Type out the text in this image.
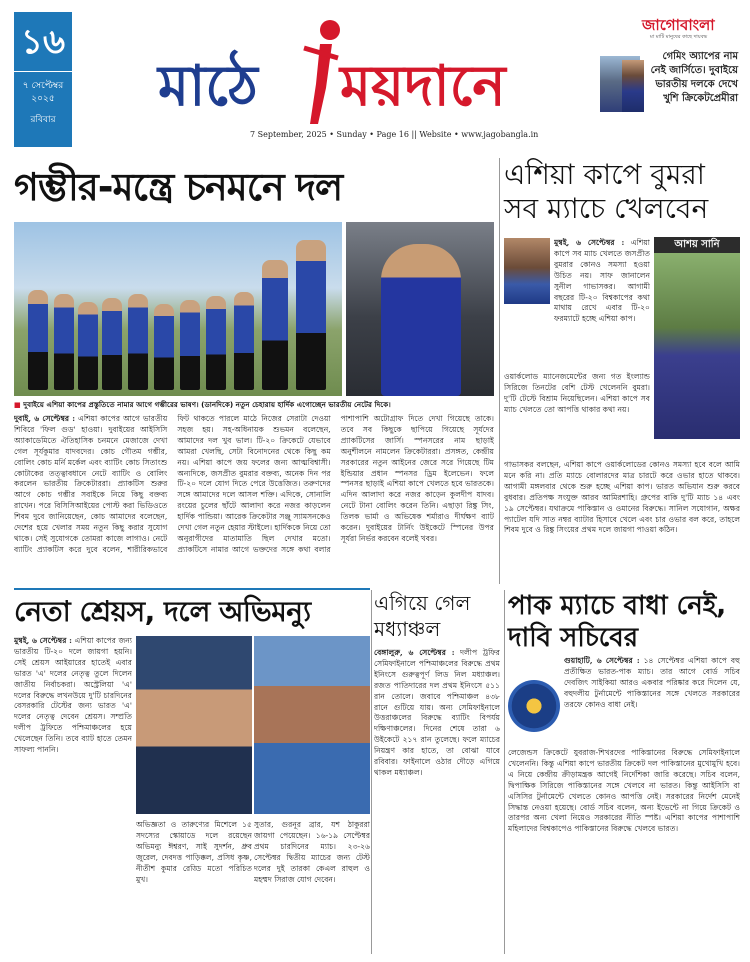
১৬
৭ সেপ্টেম্বর ২০২৫
রবিবার
মাঠে ময়দানে
7 September, 2025 • Sunday • Page 16 || Website • www.jagobangla.in
জাগোবাংলা
মা মাটি মানুষের কাছে দায়বদ্ধ
গেমিং অ্যাপের নাম নেই জার্সিতে। দুবাইয়ে ভারতীয় দলকে দেখে খুশি ক্রিকেটপ্রেমীরা
গম্ভীর-মন্ত্রে চনমনে দল
■ দুবাইয়ে এশিয়া কাপের প্রস্তুতিতে নামার আগে গম্ভীরের ভাষণ। (ডানদিকে) নতুন চেহারায় হার্দিক এগোচ্ছেন ভারতীয় নেটের দিকে।
দুবাই, ৬ সেপ্টেম্বর : এশিয়া কাপের আগে ভারতীয় শিবিরে 'ফিল গুড' হাওয়া। দুবাইয়ের আইসিসি অ্যাকাডেমিতে ঐতিহাসিক চনমনে মেজাজে দেখা গেল সূর্যকুমার যাদবদের। কোচ গৌতম গম্ভীর, বোলিং কোচ মর্নি মর্কেল এবং ব্যাটিং কোচ সিতাংশু কোটাকের তত্ত্বাবধানে নেটে ব্যাটিং ও বোলিং করলেন ভারতীয় ক্রিকেটাররা। প্র্যাকটিস শুরুর আগে কোচ গম্ভীর সবাইকে নিয়ে কিছু বক্তব্য রাখেন। পরে বিসিসিআইয়ের পোস্ট করা ভিডিওতে শিবম দুবে জানিয়েছেন, কোচ আমাদের বলেছেন, দেশের হয়ে খেলার সময় নতুন কিছু করার সুযোগ থাকে। সেই সুযোগকে তোমরা কাজে লাগাও। নেটে ব্যাটিং প্র্যাকটিস করে দুবে বলেন, শারীরিকভাবে ফিট থাকতে পারলে মাঠে নিজের সেরাটা দেওয়া সহজ হয়। সহ-অধিনায়ক শুভমন বলেছেন, আমাদের দল খুব ভাল। টি-২০ ক্রিকেটে যেভাবে আমরা খেলছি, সেটা বিনোদনের থেকে কিছু কম নয়। এশিয়া কাপে জয় ফলের জন্য আত্মবিশ্বাসী। অন্যদিকে, জসপ্রীত বুমরার বক্তব্য, অনেক দিন পর টি-২০ দলে যোগ দিতে পেরে উত্তেজিত। তরুণদের সঙ্গে আমাদের দলে আসল শক্তি। এদিকে, সোনালি রংয়ের চুলের ছাঁটে আলাদা করে নজর কাড়লেন হার্দিক পান্ডিয়া। আরেক ক্রিকেটার সঞ্জু স্যামসনকেও দেখা গেল নতুন হেয়ার স্টাইলে। হার্দিককে নিয়ে তো অনুরাগীদের মাতামাতি ছিল দেখার মতো। প্র্যাকটিসে নামার আগে ভক্তদের সঙ্গে কথা বলার পাশাপাশি অটোগ্রাফ দিতে দেখা গিয়েছে তাকে। তবে সব কিছুকে ছাপিয়ে গিয়েছে সূর্যদের প্র্যাকটিসের জার্সি। স্পনসরের নাম ছাড়াই অনুশীলনে নামলেন ক্রিকেটাররা। প্রসঙ্গত, কেন্দ্রীয় সরকারের নতুন আইনের জেরে সরে গিয়েছে টিম ইন্ডিয়ার প্রধান স্পনসর ড্রিম ইলেভেন। ফলে স্পনসর ছাড়াই এশিয়া কাপে খেলতে হবে ভারতকে। এদিন আলাদা করে নজর কাড়েন কুলদীপ যাদব। নেটে টানা বোলিং করেন তিনি। এছাড়া রিঙ্কু সিং, তিলক ভার্মা ও অভিষেক শর্মারাও দীর্ঘক্ষণ ব্যাট করেন। দুবাইয়ের টার্নিং উইকেটে স্পিনের উপর সূর্যরা নির্ভর করবেন বলেই খবর।
এশিয়া কাপে বুমরা সব ম্যাচে খেলবেন
আশয় সানি
মুম্বই, ৬ সেপ্টেম্বর : এশিয়া কাপে সব ম্যাচ খেলতে জসপ্রীত বুমরার কোনও সমস্যা হওয়া উচিত নয়। সাফ জানালেন সুনীল গাভাসকর। আগামী বছরের টি-২০ বিশ্বকাপের কথা মাথায় রেখে এবার টি-২০ ফরম্যাটে হচ্ছে এশিয়া কাপ।
ওয়ার্কলোড ম্যানেজমেন্টের জন্য গত ইংল্যান্ড সিরিজে তিনটের বেশি টেস্ট খেলেননি বুমরা। দু'টি টেস্টে বিশ্রাম নিয়েছিলেন। এশিয়া কাপে সব ম্যাচ খেলতে তো আপত্তি থাকার কথা নয়।
গাভাসকর বলছেন, এশিয়া কাপে ওয়ার্কলোডের কোনও সমস্যা হবে বলে আমি মনে করি না। প্রতি ম্যাচে বোলারদের মাত্র চারটে করে ওভার হাতে থাকবে। আগামী মঙ্গলবার থেকে শুরু হচ্ছে এশিয়া কাপ। ভারত অভিযান শুরু করবে বুধবার। প্রতিপক্ষ সংযুক্ত আরব আমিরশাহি। গ্রুপের বাকি দু'টি ম্যাচ ১৪ এবং ১৯ সেপ্টেম্বর। যথাক্রমে পাকিস্তান ও ওমানের বিরুদ্ধে। সানিল সযোগান, অক্ষর প্যাটেল যদি সাত নম্বর ব্যাটার হিসাবে খেলে এবং চার ওভার বল করে, তাহলে শিবম দুবে ও রিঙ্কু সিংয়ের প্রথম দলে জায়গা পাওয়া কঠিন।
নেতা শ্রেয়স, দলে অভিমন্যু
মুম্বই, ৬ সেপ্টেম্বর : এশিয়া কাপের জন্য ভারতীয় টি-২০ দলে জায়গা হয়নি। সেই শ্রেয়স আইয়ারের হাতেই এবার ভারত 'এ' দলের নেতৃত্ব তুলে দিলেন জাতীয় নির্বাচকরা। অস্ট্রেলিয়া 'এ' দলের বিরুদ্ধে লখনউয়ে দু'টি চারদিনের বেসরকারি টেস্টের জন্য ভারত 'এ' দলের নেতৃত্ব দেবেন শ্রেয়স। সম্প্রতি দলীপ ট্রফিতে পশ্চিমাঞ্চলের হয়ে খেলেছেন তিনি। তবে ব্যাট হাতে তেমন সাফল্য পাননি।
অভিজ্ঞতা ও তারুণ্যের মিশেলে ১৫ সদস্যের স্কোয়াডে দলে রয়েছেন অভিমন্যু ঈশ্বরণ, সাই সুদর্শন, ধ্রুব জুরেল, দেবদত্ত পাড়িক্কল, প্রসিধ কৃষ্ণ, নীতীশ কুমার রেড্ডি মতো পরিচিত মুখ।
সুতার, গুরনূর ব্রার, যশ ঠাকুররা জায়গা পেয়েছেন। ১৬-১৯ সেপ্টেম্বর প্রথম চারদিনের ম্যাচ। ২৩-২৬ সেপ্টেম্বর দ্বিতীয় ম্যাচের জন্য টেস্ট দলের দুই তারকা কেএল রাহুল ও মহম্মদ সিরাজ যোগ দেবেন।
এগিয়ে গেল মধ্যাঞ্চল
বেঙ্গালুরু, ৬ সেপ্টেম্বর : দলীপ ট্রফির সেমিফাইনালে পশ্চিমাঞ্চলের বিরুদ্ধে প্রথম ইনিংসে গুরুত্বপূর্ণ লিড নিল মধ্যাঞ্চল। রজত পাতিদারের দল প্রথম ইনিংসে ৫১১ রান তোলে। জবাবে পশ্চিমাঞ্চল ৪৩৮ রানে গুটিয়ে যায়। অন্য সেমিফাইনালে উত্তরাঞ্চলের বিরুদ্ধে ব্যাটিং বিপর্যয় দক্ষিণাঞ্চলের। দিনের শেষে তারা ৬ উইকেটে ২১৭ রান তুলেছে। ফলে ম্যাচের নিয়ন্ত্রণ কার হাতে, তা বোঝা যাবে রবিবার। ফাইনালে ওঠার দৌড়ে এগিয়ে থাকল মধ্যাঞ্চল।
পাক ম্যাচে বাধা নেই, দাবি সচিবের
গুয়াহাটি, ৬ সেপ্টেম্বর : ১৪ সেপ্টেম্বর এশিয়া কাপে বহু প্রতীক্ষিত ভারত-পাক ম্যাচ। তার আগে বোর্ড সচিব দেবজিৎ সাইকিয়া আরও একবার পরিষ্কার করে দিলেন যে, বহুদলীয় টুর্নামেন্টে পাকিস্তানের সঙ্গে খেলতে সরকারের তরফে কোনও বাধা নেই।
লেজেন্ডস ক্রিকেটে যুবরাজ-শিখরদের পাকিস্তানের বিরুদ্ধে সেমিফাইনালে খেলেননি। কিন্তু এশিয়া কাপে ভারতীয় ক্রিকেট দল পাকিস্তানের মুখোমুখি হবে। এ নিয়ে কেন্দ্রীয় ক্রীড়ামন্ত্রক আগেই নির্দেশিকা জারি করেছে। সচিব বলেন, দ্বিপাক্ষিক সিরিজে পাকিস্তানের সঙ্গে খেলবে না ভারত। কিন্তু আইসিসি বা এসিসির টুর্নামেন্টে খেলতে কোনও আপত্তি নেই। সরকারের নির্দেশ মেনেই সিদ্ধান্ত নেওয়া হয়েছে। বোর্ড সচিব বলেন, অন্য ইভেন্টে না গিয়ে ক্রিকেট ও তারপর অন্য খেলা নিয়েও সরকারের নীতি স্পষ্ট। এশিয়া কাপের পাশাপাশি মহিলাদের বিশ্বকাপেও পাকিস্তানের বিরুদ্ধে খেলবে ভারত।
